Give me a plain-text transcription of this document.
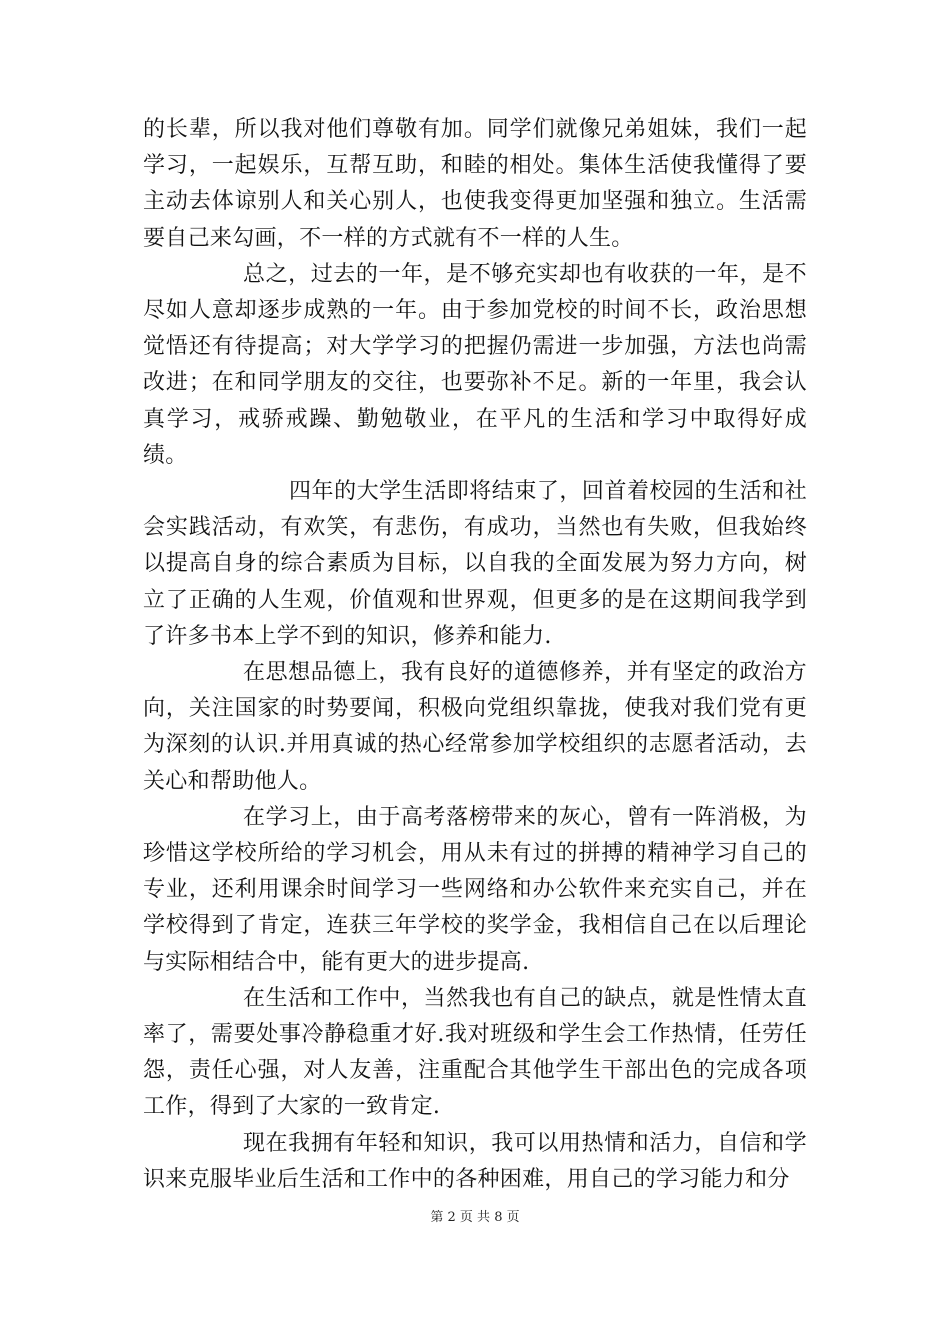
的长辈，所以我对他们尊敬有加。同学们就像兄弟姐妹，我们一起学习，一起娱乐，互帮互助，和睦的相处。集体生活使我懂得了要主动去体谅别人和关心别人，也使我变得更加坚强和独立。生活需要自己来勾画，不一样的方式就有不一样的人生。

总之，过去的一年，是不够充实却也有收获的一年，是不尽如人意却逐步成熟的一年。由于参加党校的时间不长，政治思想觉悟还有待提高；对大学学习的把握仍需进一步加强，方法也尚需改进；在和同学朋友的交往，也要弥补不足。新的一年里，我会认真学习，戒骄戒躁、勤勉敬业，在平凡的生活和学习中取得好成绩。

四年的大学生活即将结束了，回首着校园的生活和社会实践活动，有欢笑，有悲伤，有成功，当然也有失败，但我始终以提高自身的综合素质为目标，以自我的全面发展为努力方向，树立了正确的人生观，价值观和世界观，但更多的是在这期间我学到了许多书本上学不到的知识，修养和能力.

在思想品德上，我有良好的道德修养，并有坚定的政治方向，关注国家的时势要闻，积极向党组织靠拢，使我对我们党有更为深刻的认识.并用真诚的热心经常参加学校组织的志愿者活动，去关心和帮助他人。

在学习上，由于高考落榜带来的灰心，曾有一阵消极，为珍惜这学校所给的学习机会，用从未有过的拼搏的精神学习自己的专业，还利用课余时间学习一些网络和办公软件来充实自己，并在学校得到了肯定，连获三年学校的奖学金，我相信自己在以后理论与实际相结合中，能有更大的进步提高.

在生活和工作中，当然我也有自己的缺点，就是性情太直率了，需要处事冷静稳重才好.我对班级和学生会工作热情，任劳任怨，责任心强，对人友善，注重配合其他学生干部出色的完成各项工作，得到了大家的一致肯定.

现在我拥有年轻和知识，我可以用热情和活力，自信和学识来克服毕业后生活和工作中的各种困难，用自己的学习能力和分

第 2 页 共 8 页
